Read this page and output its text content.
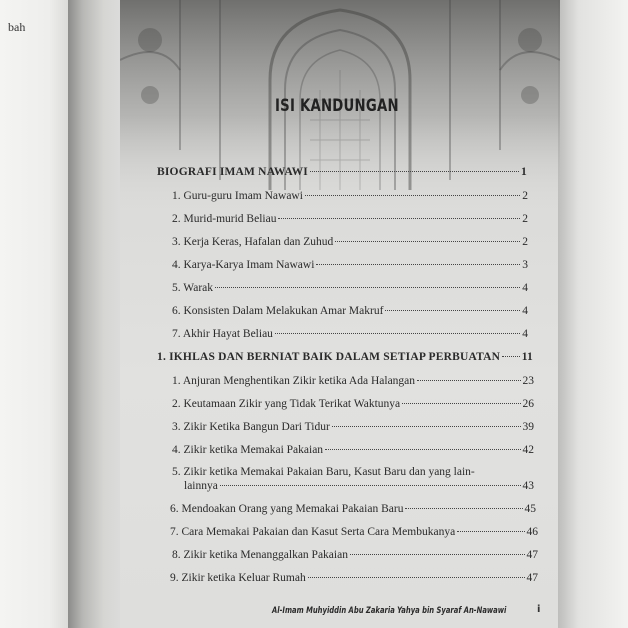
bah
ISI KANDUNGAN
BIOGRAFI IMAM NAWAWI	1
1. Guru-guru Imam Nawawi	2
2. Murid-murid Beliau	2
3. Kerja Keras, Hafalan dan Zuhud	2
4. Karya-Karya Imam Nawawi	3
5. Warak	4
6. Konsisten Dalam Melakukan Amar Makruf	4
7. Akhir Hayat Beliau	4
1. IKHLAS DAN BERNIAT BAIK DALAM SETIAP PERBUATAN 11
1. Anjuran Menghentikan Zikir ketika Ada Halangan	23
2. Keutamaan Zikir yang Tidak Terikat Waktunya	26
3. Zikir Ketika Bangun Dari Tidur	39
4. Zikir ketika Memakai Pakaian	42
5. Zikir ketika Memakai Pakaian Baru, Kasut Baru dan yang lain-
lainnya	43
6. Mendoakan Orang yang Memakai Pakaian Baru	45
7. Cara Memakai Pakaian dan Kasut Serta Cara Membukanya	46
8. Zikir ketika Menanggalkan Pakaian	47
9. Zikir ketika Keluar Rumah	47
Al-Imam Muhyiddin Abu Zakaria Yahya bin Syaraf An-Nawawi	i
